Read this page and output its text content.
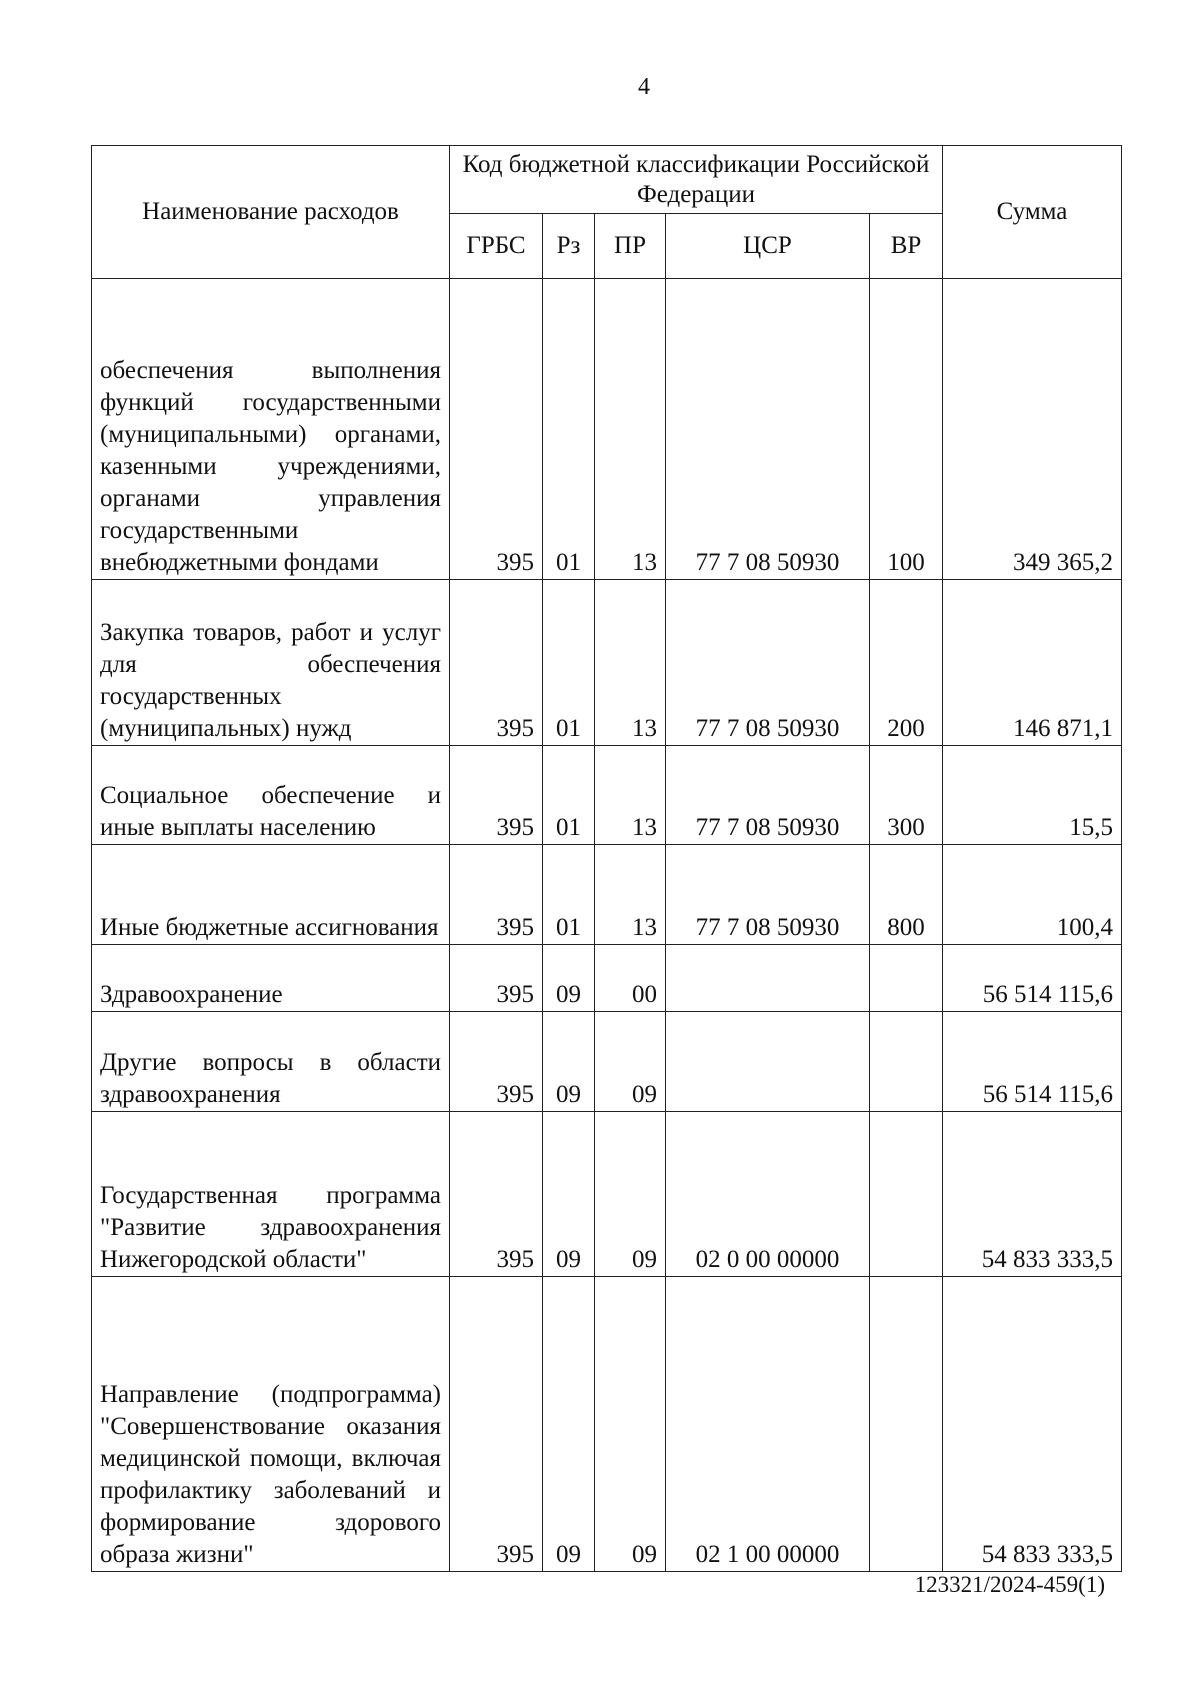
4
Наименование расходов	Код бюджетной классификации Российской Федерации					Сумма
	ГРБС	Рз	ПР	ЦСР	ВР	
обеспечения выполнения функций государственными (муниципальными) органами, казенными учреждениями, органами управления государственными внебюджетными фондами	395	01	13	77 7 08 50930	100	349 365,2
Закупка товаров, работ и услуг для обеспечения государственных (муниципальных) нужд	395	01	13	77 7 08 50930	200	146 871,1
Социальное обеспечение и иные выплаты населению	395	01	13	77 7 08 50930	300	15,5
Иные бюджетные ассигнования	395	01	13	77 7 08 50930	800	100,4
Здравоохранение	395	09	00			56 514 115,6
Другие вопросы в области здравоохранения	395	09	09			56 514 115,6
Государственная программа "Развитие здравоохранения Нижегородской области"	395	09	09	02 0 00 00000		54 833 333,5
Направление (подпрограмма) "Совершенствование оказания медицинской помощи, включая профилактику заболеваний и формирование здорового образа жизни"	395	09	09	02 1 00 00000		54 833 333,5
123321/2024-459(1)
